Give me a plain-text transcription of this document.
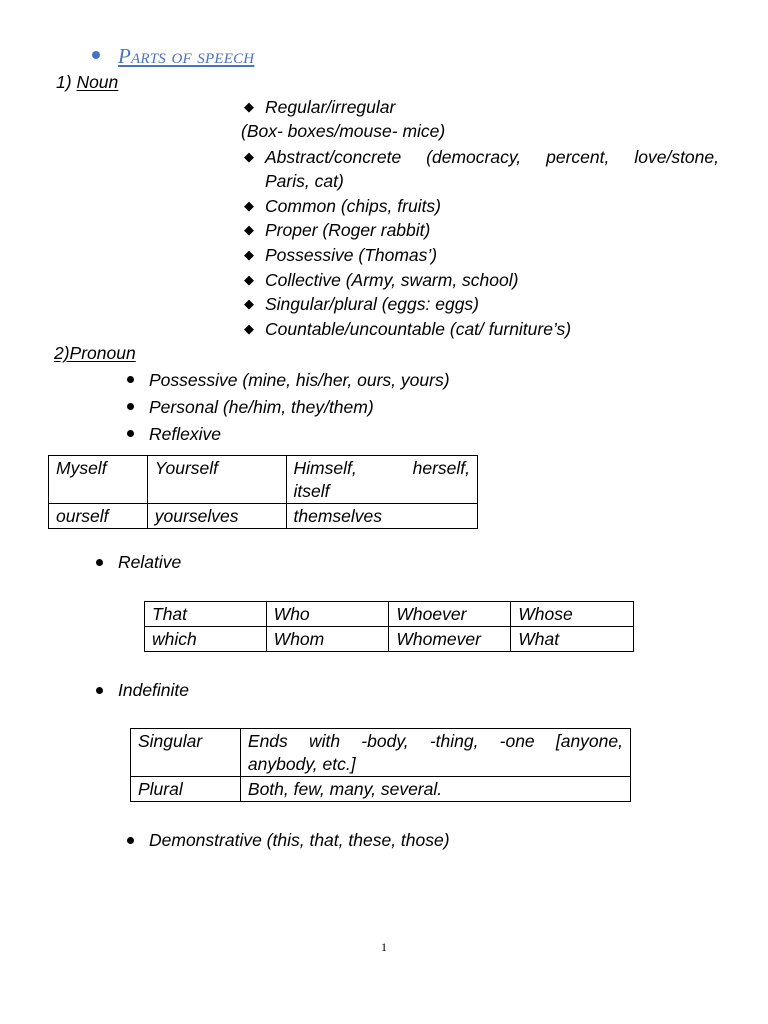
Parts of speech
1) Noun
◆ Regular/irregular
(Box- boxes/mouse- mice)
◆ Abstract/concrete (democracy, percent, love/stone,
Paris, cat)
◆ Common (chips, fruits)
◆ Proper (Roger rabbit)
◆ Possessive (Thomas’)
◆ Collective (Army, swarm, school)
◆ Singular/plural (eggs: eggs)
◆ Countable/uncountable (cat/ furniture’s)
2)Pronoun
Possessive (mine, his/her, ours, yours)
Personal (he/him, they/them)
Reflexive
Myself	Yourself	Himself, herself,
itself

ourself	yourselves	themselves
Relative
That	Who	Whoever	Whose
which	Whom	Whomever	What
Indefinite
Singular	Ends with -body, -thing, -one [anyone,
anybody, etc.]

Plural	Both, few, many, several.
Demonstrative (this, that, these, those)
1
